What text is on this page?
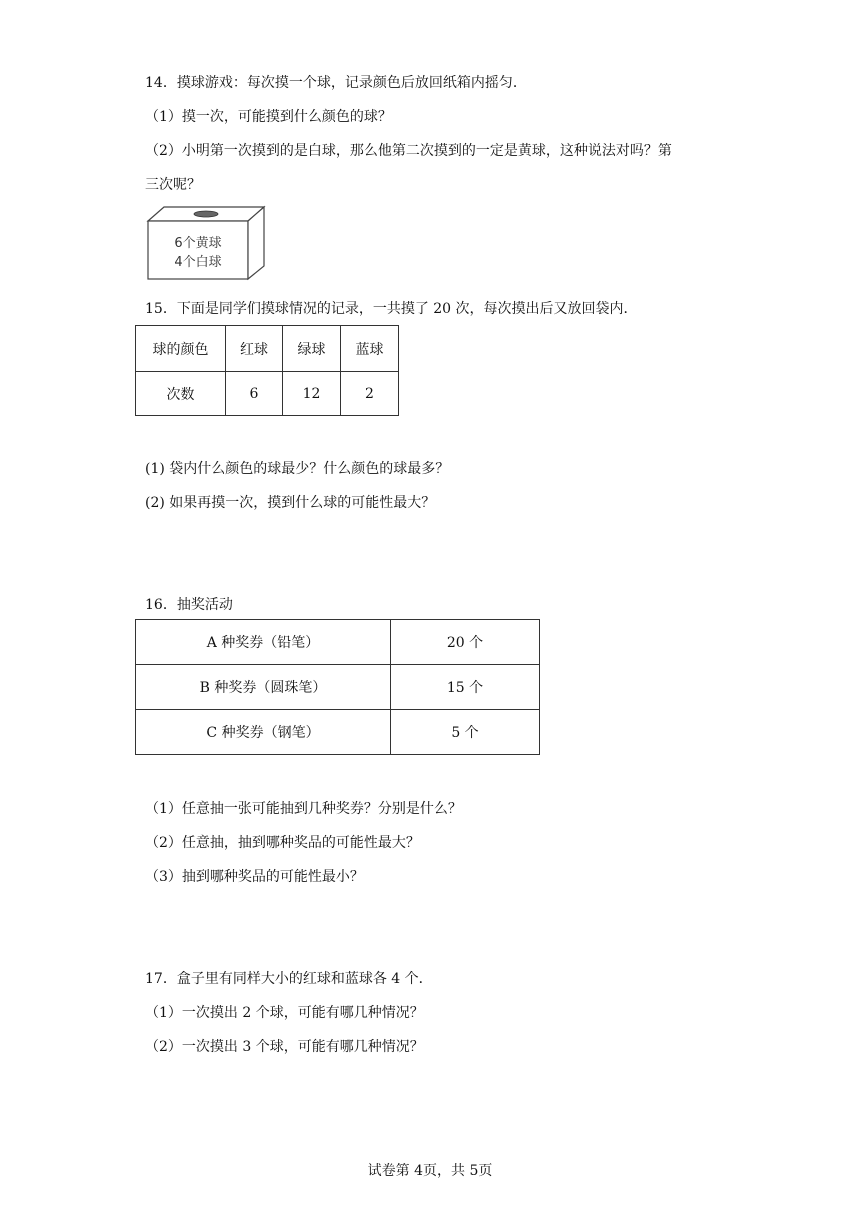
14．摸球游戏：每次摸一个球，记录颜色后放回纸箱内摇匀．
（1）摸一次，可能摸到什么颜色的球？
（2）小明第一次摸到的是白球，那么他第二次摸到的一定是黄球，这种说法对吗？第
三次呢？
6个黄球
4个白球
15．下面是同学们摸球情况的记录，一共摸了 20 次，每次摸出后又放回袋内．
球的颜色	红球	绿球	蓝球
次数	6	12	2
(1) 袋内什么颜色的球最少？什么颜色的球最多？
(2) 如果再摸一次，摸到什么球的可能性最大？
16．抽奖活动
A 种奖券（铅笔）	20 个
B 种奖券（圆珠笔）	15 个
C 种奖券（钢笔）	5 个
（1）任意抽一张可能抽到几种奖券？分别是什么？
（2）任意抽，抽到哪种奖品的可能性最大？
（3）抽到哪种奖品的可能性最小？
17．盒子里有同样大小的红球和蓝球各 4 个．
（1）一次摸出 2 个球，可能有哪几种情况？
（2）一次摸出 3 个球，可能有哪几种情况？
试卷第 4页，共 5页
